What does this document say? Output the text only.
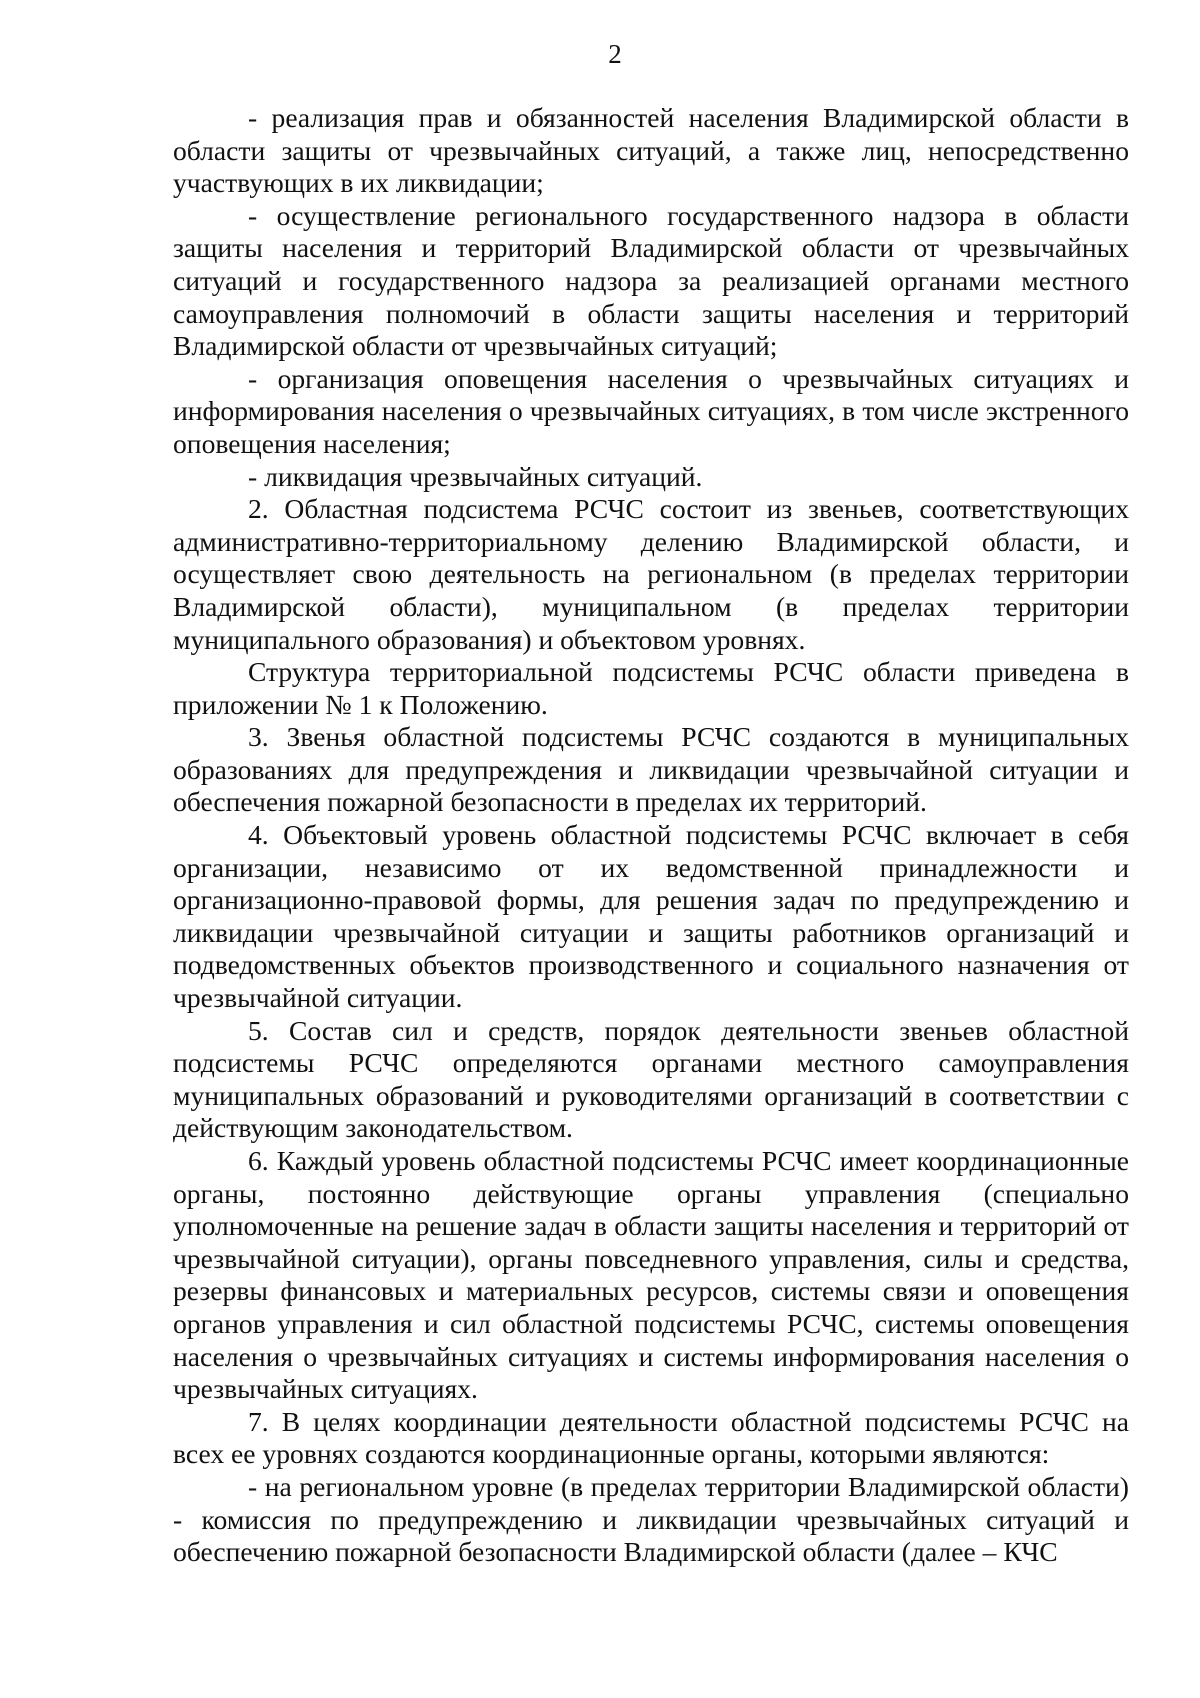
2

- реализация прав и обязанностей населения Владимирской области в области защиты от чрезвычайных ситуаций, а также лиц, непосредственно участвующих в их ликвидации;

- осуществление регионального государственного надзора в области защиты населения и территорий Владимирской области от чрезвычайных ситуаций и государственного надзора за реализацией органами местного самоуправления полномочий в области защиты населения и территорий Владимирской области от чрезвычайных ситуаций;

- организация оповещения населения о чрезвычайных ситуациях и информирования населения о чрезвычайных ситуациях, в том числе экстренного оповещения населения;

- ликвидация чрезвычайных ситуаций.

2. Областная подсистема РСЧС состоит из звеньев, соответствующих административно-территориальному делению Владимирской области, и осуществляет свою деятельность на региональном (в пределах территории Владимирской области), муниципальном (в пределах территории муниципального образования) и объектовом уровнях.

Структура территориальной подсистемы РСЧС области приведена в приложении № 1 к Положению.

3. Звенья областной подсистемы РСЧС создаются в муниципальных образованиях для предупреждения и ликвидации чрезвычайной ситуации и обеспечения пожарной безопасности в пределах их территорий.

4. Объектовый уровень областной подсистемы РСЧС включает в себя организации, независимо от их ведомственной принадлежности и организационно-правовой формы, для решения задач по предупреждению и ликвидации чрезвычайной ситуации и защиты работников организаций и подведомственных объектов производственного и социального назначения от чрезвычайной ситуации.

5. Состав сил и средств, порядок деятельности звеньев областной подсистемы РСЧС определяются органами местного самоуправления муниципальных образований и руководителями организаций в соответствии с действующим законодательством.

6. Каждый уровень областной подсистемы РСЧС имеет координационные органы, постоянно действующие органы управления (специально уполномоченные на решение задач в области защиты населения и территорий от чрезвычайной ситуации), органы повседневного управления, силы и средства, резервы финансовых и материальных ресурсов, системы связи и оповещения органов управления и сил областной подсистемы РСЧС, системы оповещения населения о чрезвычайных ситуациях и системы информирования населения о чрезвычайных ситуациях.

7. В целях координации деятельности областной подсистемы РСЧС на всех ее уровнях создаются координационные органы, которыми являются:

- на региональном уровне (в пределах территории Владимирской области) - комиссия по предупреждению и ликвидации чрезвычайных ситуаций и обеспечению пожарной безопасности Владимирской области (далее – КЧС
